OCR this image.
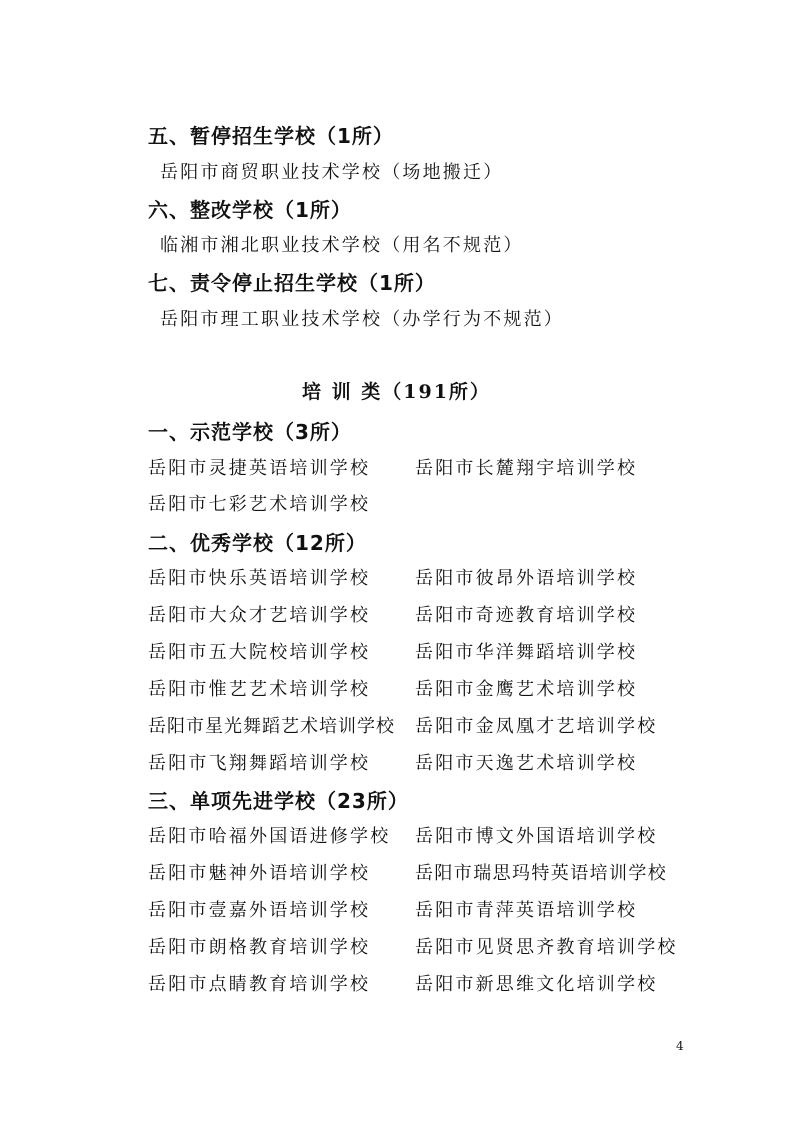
五、暂停招生学校（1所）
岳阳市商贸职业技术学校（场地搬迁）
六、整改学校（1所）
临湘市湘北职业技术学校（用名不规范）
七、责令停止招生学校（1所）
岳阳市理工职业技术学校（办学行为不规范）
培 训 类（191所）
一、示范学校（3所）
岳阳市灵捷英语培训学校 岳阳市长麓翔宇培训学校
岳阳市七彩艺术培训学校
二、优秀学校（12所）
岳阳市快乐英语培训学校 岳阳市彼昂外语培训学校
岳阳市大众才艺培训学校 岳阳市奇迹教育培训学校
岳阳市五大院校培训学校 岳阳市华洋舞蹈培训学校
岳阳市惟艺艺术培训学校 岳阳市金鹰艺术培训学校
岳阳市星光舞蹈艺术培训学校 岳阳市金凤凰才艺培训学校
岳阳市飞翔舞蹈培训学校 岳阳市天逸艺术培训学校
三、单项先进学校（23所）
岳阳市哈福外国语进修学校 岳阳市博文外国语培训学校
岳阳市魅神外语培训学校 岳阳市瑞思玛特英语培训学校
岳阳市壹嘉外语培训学校 岳阳市青萍英语培训学校
岳阳市朗格教育培训学校 岳阳市见贤思齐教育培训学校
岳阳市点睛教育培训学校 岳阳市新思维文化培训学校
4
